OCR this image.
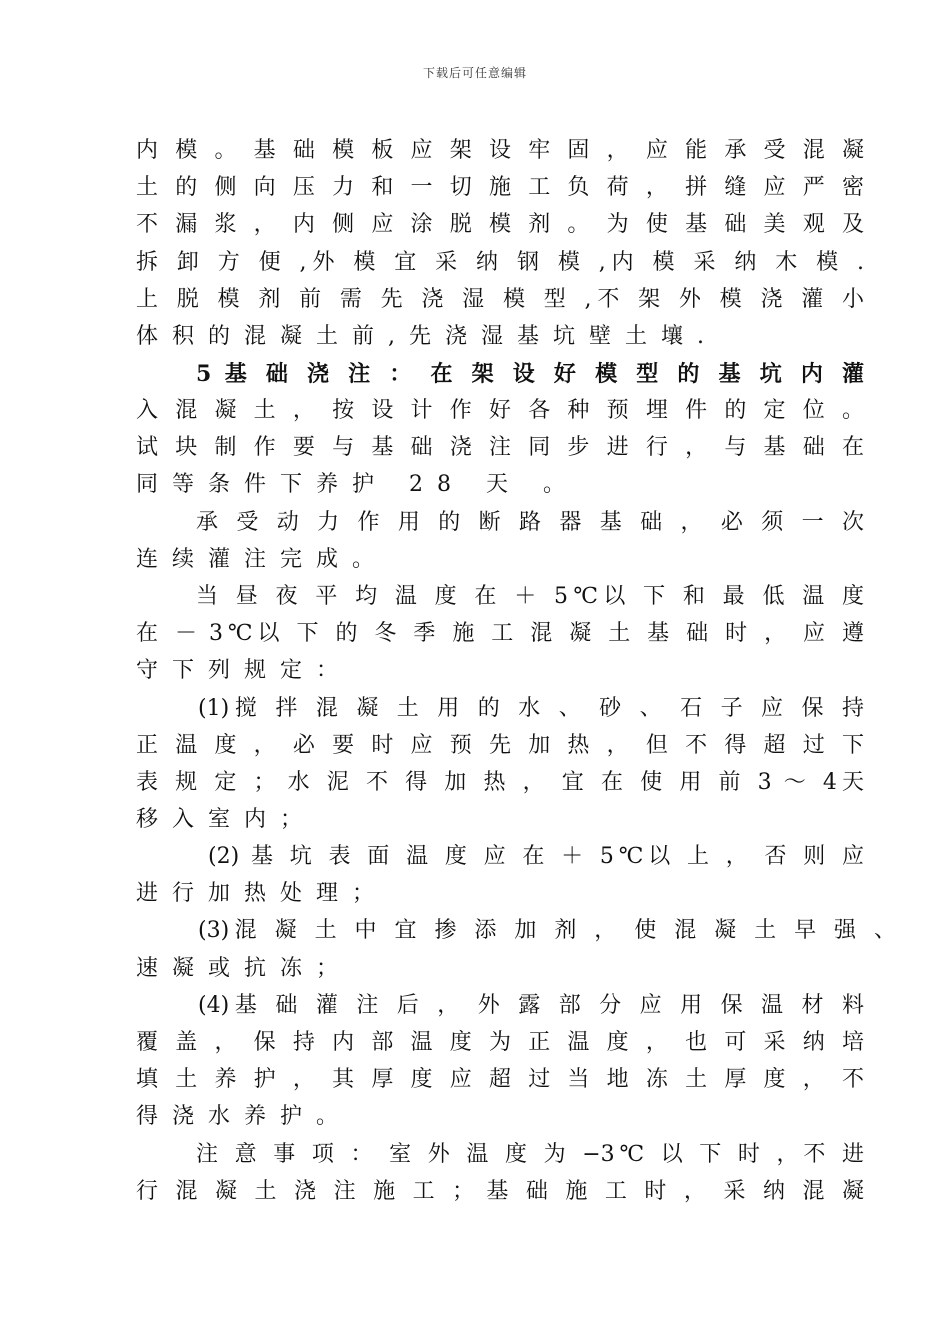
下载后可任意编辑
内 模 。 基 础 模 板 应 架 设 牢 固 ， 应 能 承 受 混 凝
土 的 侧 向 压 力 和 一 切 施 工 负 荷 ， 拼 缝 应 严 密
不 漏 浆 ， 内 侧 应 涂 脱 模 剂 。 为 使 基 础 美 观 及
拆 卸 方 便 ,外 模 宜 采 纳 钢 模 ,内 模 采 纳 木 模 .
上 脱 模 剂 前 需 先 浇 湿 模 型 ,不 架 外 模 浇 灌 小
体积的混凝土前,先浇湿基坑壁土壤.
5 基 础 浇 注 ： 在 架 设 好 模 型 的 基 坑 内 灌
入 混 凝 土 ， 按 设 计 作 好 各 种 预 埋 件 的 定 位 。
试 块 制 作 要 与 基 础 浇 注 同 步 进 行 ， 与 基 础 在
同等条件下养护 28 天 。
承 受 动 力 作 用 的 断 路 器 基 础 ， 必 须 一 次
连续灌注完成。
当 昼 夜 平 均 温 度 在 ＋ 5℃以 下 和 最 低 温 度
在 － 3℃以 下 的 冬 季 施 工 混 凝 土 基 础 时 ， 应 遵
守下列规定：
(1)搅 拌 混 凝 土 用 的 水 、 砂 、 石 子 应 保 持
正 温 度 ， 必 要 时 应 预 先 加 热 ， 但 不 得 超 过 下
表 规 定 ； 水 泥 不 得 加 热 ， 宜 在 使 用 前 3 ～ 4天
移入室内；
(2) 基 坑 表 面 温 度 应 在 ＋ 5℃以 上 ， 否 则 应
进行加热处理；
(3)混 凝 土 中 宜 掺 添 加 剂 ， 使 混 凝 土 早 强 、
速凝或抗冻；
(4)基 础 灌 注 后 ， 外 露 部 分 应 用 保 温 材 料
覆 盖 ， 保 持 内 部 温 度 为 正 温 度 ， 也 可 采 纳 培
填 土 养 护 ， 其 厚 度 应 超 过 当 地 冻 土 厚 度 ， 不
得浇水养护。
注 意 事 项 ： 室 外 温 度 为 −3℃ 以 下 时 ，不 进
行 混 凝 土 浇 注 施 工 ； 基 础 施 工 时 ， 采 纳 混 凝
